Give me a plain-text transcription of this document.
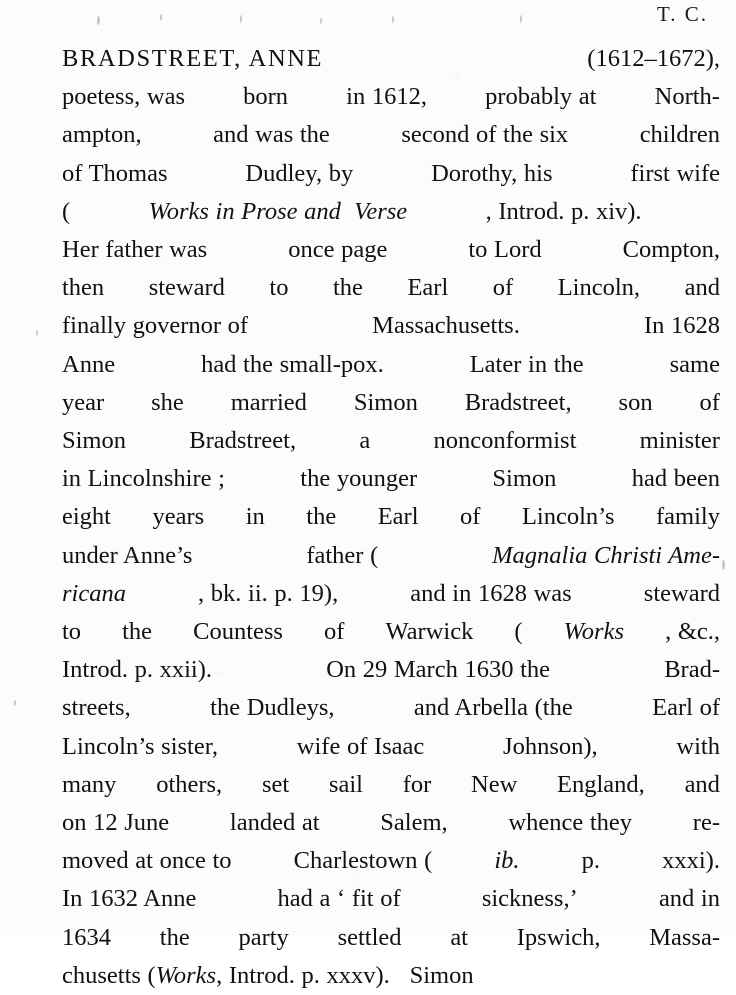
T. C.
BRADSTREET, ANNE	(1612–1672),
poetess, was born in 1612, probably at North-
ampton,	and was the	second of the six	children
of Thomas	Dudley, by	Dorothy, his	first wife
(	Works in Prose and  Verse	, Introd. p. xiv).
Her father was	once page	to Lord	Compton,
then steward to the Earl of Lincoln, and
finally governor of	Massachusetts.	In 1628
Anne	had the small-pox.	Later in the	same
year she married Simon Bradstreet, son of
Simon	Bradstreet,	a	nonconformist	minister
in Lincolnshire ;	the younger	Simon	had been
eight years in the Earl of Lincoln’s family
under Anne’s	father (	Magnalia Christi Ame-
ricana	, bk. ii. p. 19),	and in 1628 was	steward
to the Countess of Warwick ( Works , &c.,
Introd. p. xxii).	On 29 March 1630 the	Brad-
streets,	the Dudleys,	and Arbella (the	Earl of
Lincoln’s sister,	wife of Isaac	Johnson),	with
many others, set sail for New England, and
on 12 June landed at Salem, whence they re-
moved at once to	Charlestown (	ib.	p.	xxxi).
In 1632 Anne	had a ‘ fit of	sickness,’	and in
1634 the party settled at Ipswich, Massa-
chusetts (Works, Introd. p. xxxv).   Simon
